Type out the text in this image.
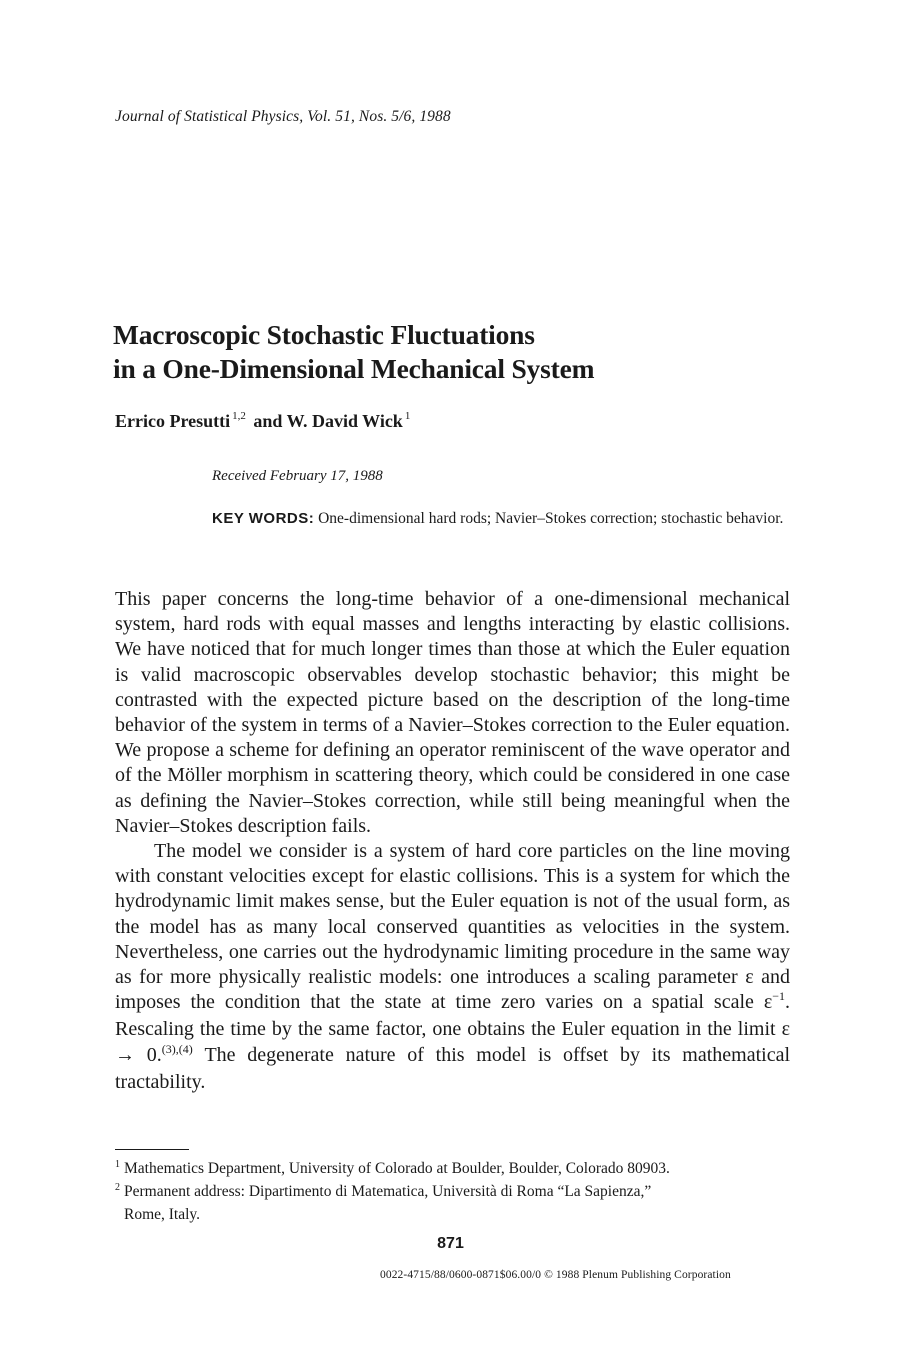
Journal of Statistical Physics, Vol. 51, Nos. 5/6, 1988
Macroscopic Stochastic Fluctuations
in a One-Dimensional Mechanical System
Errico Presutti $^{1,2}$ and W. David Wick $^1$
Received February 17, 1988
KEY WORDS: One-dimensional hard rods; Navier–Stokes correction; stochastic behavior.

This paper concerns the long-time behavior of a one-dimensional mechanical system, hard rods with equal masses and lengths interacting by elastic collisions. We have noticed that for much longer times than those at which the Euler equation is valid macroscopic observables develop stochastic behavior; this might be contrasted with the expected picture based on the description of the long-time behavior of the system in terms of a Navier–Stokes correction to the Euler equation. We propose a scheme for defining an operator reminiscent of the wave operator and of the Möller morphism in scattering theory, which could be considered in one case as defining the Navier–Stokes correction, while still being meaningful when the Navier–Stokes description fails.

The model we consider is a system of hard core particles on the line moving with constant velocities except for elastic collisions. This is a system for which the hydrodynamic limit makes sense, but the Euler equation is not of the usual form, as the model has as many local conserved quantities as velocities in the system. Nevertheless, one carries out the hydrodynamic limiting procedure in the same way as for more physically realistic models: one introduces a scaling parameter ε and imposes the condition that the state at time zero varies on a spatial scale $\varepsilon^{-1}$. Rescaling the time by the same factor, one obtains the Euler equation in the limit ε → 0.$^{(3),(4)}$ The degenerate nature of this model is offset by its mathematical tractability.

$^1$ Mathematics Department, University of Colorado at Boulder, Boulder, Colorado 80903.
$^2$ Permanent address: Dipartimento di Matematica, Università di Roma “La Sapienza,”
Rome, Italy.
871
0022-4715/88/0600-0871$06.00/0 © 1988 Plenum Publishing Corporation
